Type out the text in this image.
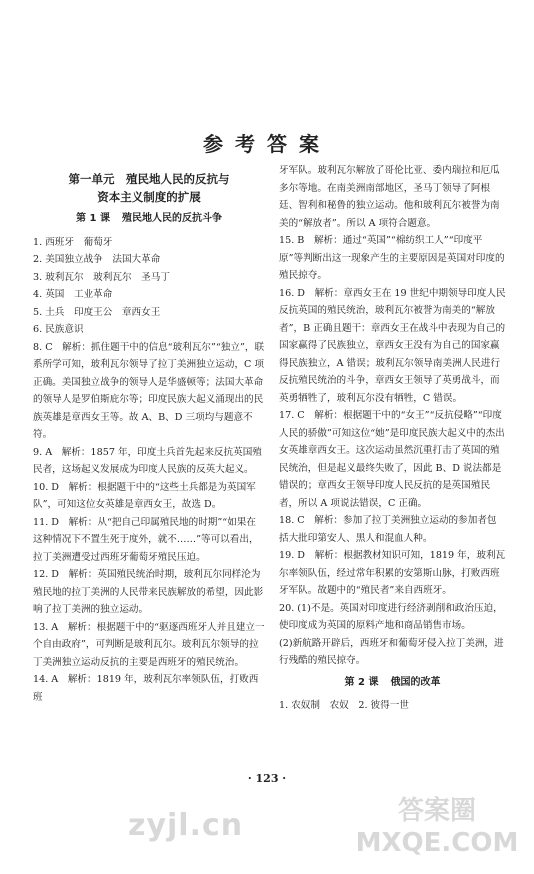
参考答案
第一单元　殖民地人民的反抗与
资本主义制度的扩展
第 1 课 殖民地人民的反抗斗争

1. 西班牙　葡萄牙

2. 美国独立战争　法国大革命

3. 玻利瓦尔　玻利瓦尔　圣马丁

4. 英国　工业革命

5. 土兵　印度王公　章西女王

6. 民族意识

8. C　解析：抓住题干中的信息“玻利瓦尔”“独立”，联系所学可知，玻利瓦尔领导了拉丁美洲独立运动，C 项正确。美国独立战争的领导人是华盛顿等；法国大革命的领导人是罗伯斯庇尔等；印度民族大起义涌现出的民族英雄是章西女王等。故 A、B、D 三项均与题意不符。

9. A　解析：1857 年，印度土兵首先起来反抗英国殖民者，这场起义发展成为印度人民族的反英大起义。

10. D　解析：根据题干中的“这些土兵都是为英国军队”，可知这位女英雄是章西女王，故选 D。

11. D　解析：从“把自己印属殖民地的时期”“如果在这种情况下不置生死于度外，就不……”等可以看出，拉丁美洲遭受过西班牙葡萄牙殖民压迫。

12. D　解析：英国殖民统治时期，玻利瓦尔同样沦为殖民地的拉丁美洲的人民带来民族解放的希望，因此影响了拉丁美洲的独立运动。

13. A　解析：根据题干中的“驱逐西班牙人并且建立一个自由政府”，可判断是玻利瓦尔。玻利瓦尔领导的拉丁美洲独立运动反抗的主要是西班牙的殖民统治。

14. A　解析：1819 年，玻利瓦尔率领队伍，打败西班

牙军队。玻利瓦尔解放了哥伦比亚、委内瑞拉和厄瓜多尔等地。在南美洲南部地区，圣马丁领导了阿根廷、智利和秘鲁的独立运动。他和玻利瓦尔被誉为南美的“解放者”。所以 A 项符合题意。

15. B　解析：通过“英国”“棉纺织工人”“印度平原”等判断出这一现象产生的主要原因是英国对印度的殖民掠夺。

16. D　解析：章西女王在 19 世纪中期领导印度人民反抗英国的殖民统治，玻利瓦尔被誉为南美的“解放者”，B 正确且题干：章西女王在战斗中表现为自己的国家赢得了民族独立，章西女王没有为自己的国家赢得民族独立，A 错误；玻利瓦尔领导南美洲人民进行反抗殖民统治的斗争，章西女王领导了英勇战斗，而英勇牺牲了，玻利瓦尔没有牺牲，C 错误。

17. C　解析：根据题干中的“女王”“反抗侵略”“印度人民的骄傲”可知这位“她”是印度民族大起义中的杰出女英雄章西女王。这次运动虽然沉重打击了英国的殖民统治，但是起义最终失败了，因此 B、D 说法都是错误的；章西女王领导印度人民反抗的是英国殖民者，所以 A 项说法错误，C 正确。

18. C　解析：参加了拉丁美洲独立运动的参加者包括大批印第安人、黑人和混血人种。

19. D　解析：根据教材知识可知，1819 年，玻利瓦尔率领队伍，经过常年积累的安第斯山脉，打败西班牙军队。故题中的“殖民者”来自西班牙。

20. (1)不是。英国对印度进行经济剥削和政治压迫，使印度成为英国的原料产地和商品销售市场。

(2)新航路开辟后，西班牙和葡萄牙侵入拉丁美洲，进行残酷的殖民掠夺。

第 2 课 俄国的改革

1. 农奴制　农奴　2. 彼得一世

· 123 ·
zyjl.cn	答案圈
MXQE.COM
